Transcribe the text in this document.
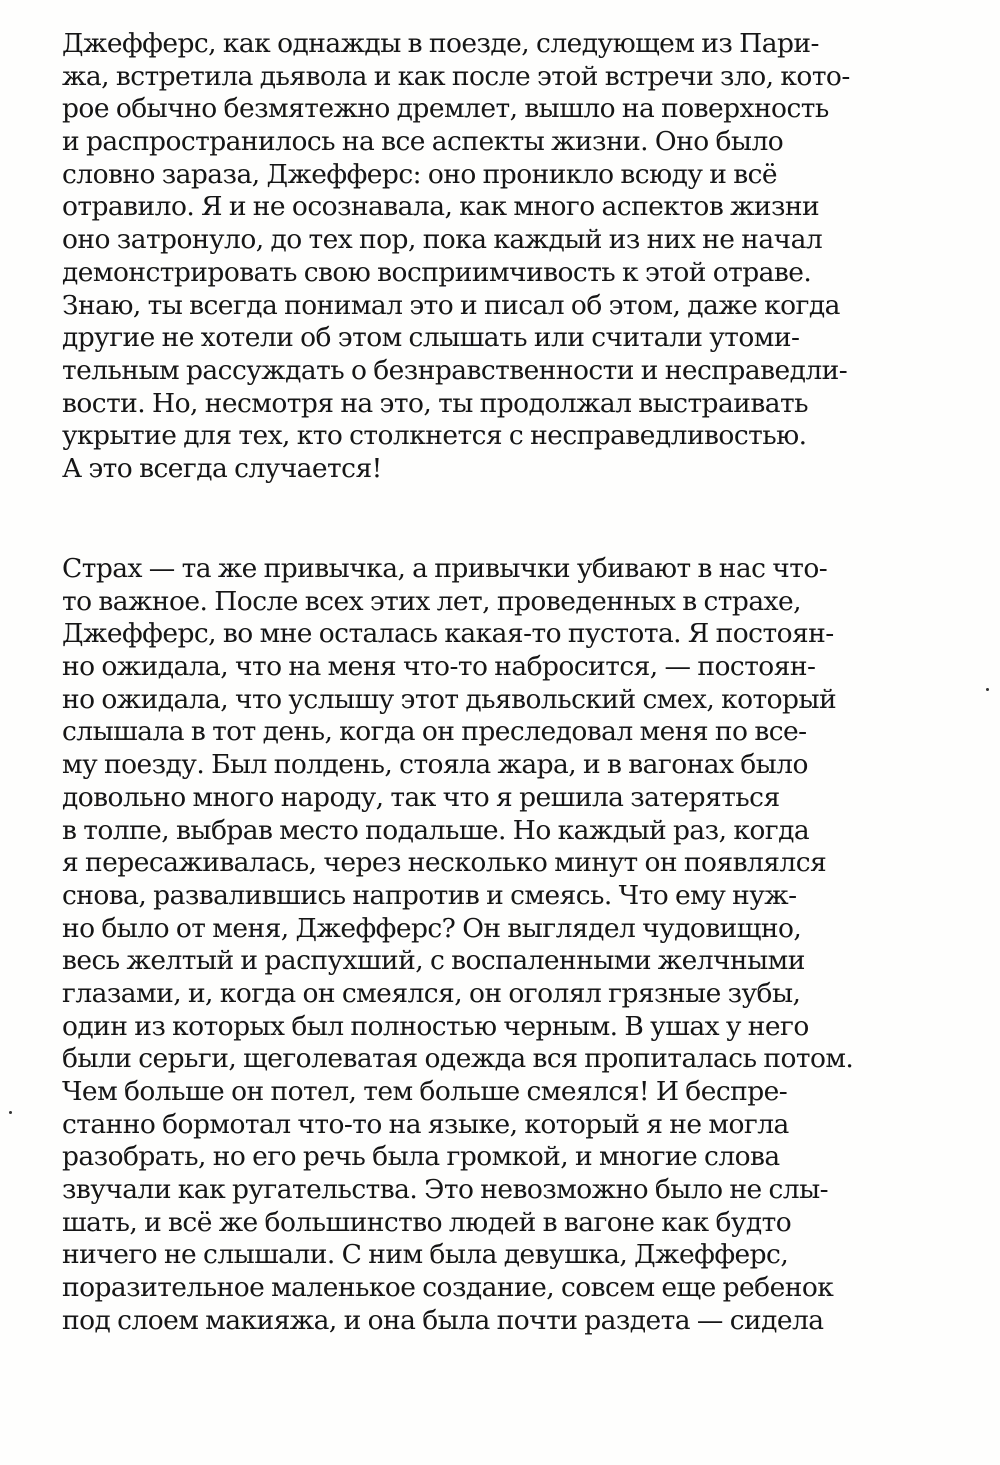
Джефферс, как однажды в поезде, следующем из Пари-
жа, встретила дьявола и как после этой встречи зло, кото-
рое обычно безмятежно дремлет, вышло на поверхность
и распространилось на все аспекты жизни. Оно было
словно зараза, Джефферс: оно проникло всюду и всё
отравило. Я и не осознавала, как много аспектов жизни
оно затронуло, до тех пор, пока каждый из них не начал
демонстрировать свою восприимчивость к этой отраве.
Знаю, ты всегда понимал это и писал об этом, даже когда
другие не хотели об этом слышать или считали утоми-
тельным рассуждать о безнравственности и несправедли-
вости. Но, несмотря на это, ты продолжал выстраивать
укрытие для тех, кто столкнется с несправедливостью.
А это всегда случается!
Страх — та же привычка, а привычки убивают в нас что-
то важное. После всех этих лет, проведенных в страхе,
Джефферс, во мне осталась какая-то пустота. Я постоян-
но ожидала, что на меня что-то набросится, — постоян-
но ожидала, что услышу этот дьявольский смех, который
слышала в тот день, когда он преследовал меня по все-
му поезду. Был полдень, стояла жара, и в вагонах было
довольно много народу, так что я решила затеряться
в толпе, выбрав место подальше. Но каждый раз, когда
я пересаживалась, через несколько минут он появлялся
снова, развалившись напротив и смеясь. Что ему нуж-
но было от меня, Джефферс? Он выглядел чудовищно,
весь желтый и распухший, с воспаленными желчными
глазами, и, когда он смеялся, он оголял грязные зубы,
один из которых был полностью черным. В ушах у него
были серьги, щеголеватая одежда вся пропиталась потом.
Чем больше он потел, тем больше смеялся! И беспре-
станно бормотал что-то на языке, который я не могла
разобрать, но его речь была громкой, и многие слова
звучали как ругательства. Это невозможно было не слы-
шать, и всё же большинство людей в вагоне как будто
ничего не слышали. С ним была девушка, Джефферс,
поразительное маленькое создание, совсем еще ребенок
под слоем макияжа, и она была почти раздета — сидела
